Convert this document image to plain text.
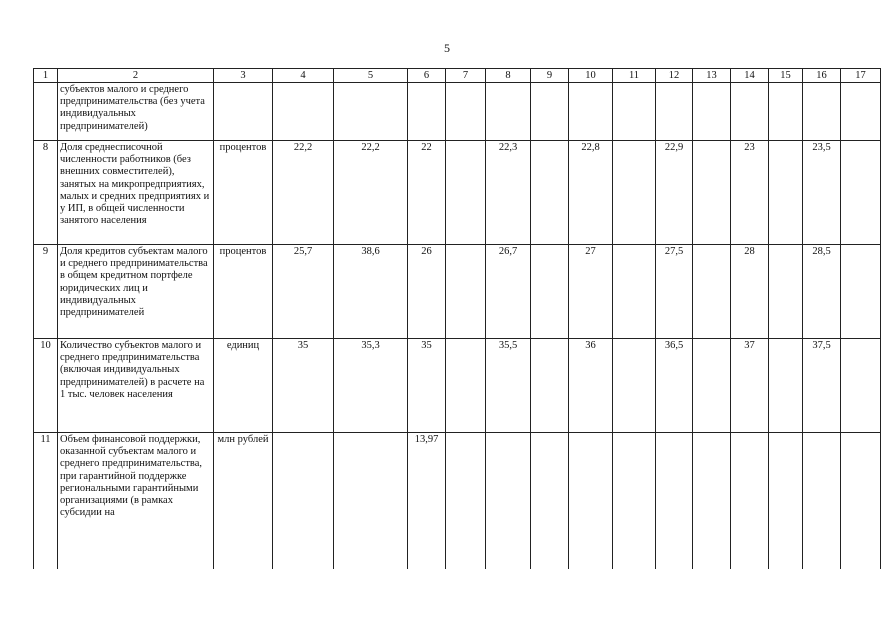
5
1	2	3	4	5	6	7	8	9	10	11	12	13	14	15	16	17
	субъектов малого и среднего предпринимательства (без учета индивидуальных предпринимателей)															
8	Доля среднесписочной численности работников (без внешних совместителей), занятых на микропредприятиях, малых и средних предприятиях и у ИП, в общей численности занятого населения	процентов	22,2	22,2	22		22,3		22,8		22,9		23		23,5	
9	Доля кредитов субъектам малого и среднего предпринимательства в общем кредитном портфеле юридических лиц и индивидуальных предпринимателей	процентов	25,7	38,6	26		26,7		27		27,5		28		28,5	
10	Количество субъектов малого и среднего предпринимательства (включая индивидуальных предпринимателей) в расчете на 1 тыс. человек населения	единиц	35	35,3	35		35,5		36		36,5		37		37,5	
11	Объем финансовой поддержки, оказанной субъектам малого и среднего предпринимательства, при гарантийной поддержке региональными гарантийными организациями (в рамках субсидии на	млн рублей			13,97											
